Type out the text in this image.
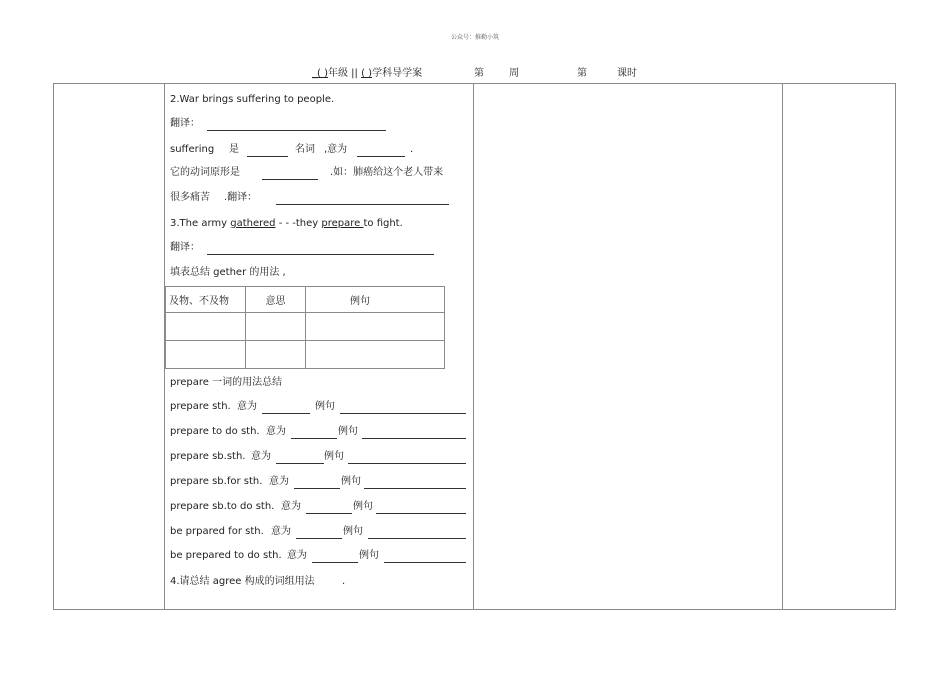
公众号：推勤小筑
_( )年级 || ( )学科导学案	第	周	第	课时
2.War brings suffering to people.
翻译：
suffering 是	名词 ,意为	.
它的动词原形是	.如：肺癌给这个老人带来
很多痛苦 .翻译：
3.The army gathered - - -they prepare to fight.
翻译：
填表总结 gether 的用法 ,
及物、不及物	意思	例句

prepare 一词的用法总结
prepare sth. 意为	例句
prepare to do sth. 意为	例句
prepare sb.sth. 意为	例句
prepare sb.for sth. 意为	例句
prepare sb.to do sth. 意为	例句
be prpared for sth. 意为	例句
be prepared to do sth. 意为	例句
4.请总结 agree 构成的词组用法	.
